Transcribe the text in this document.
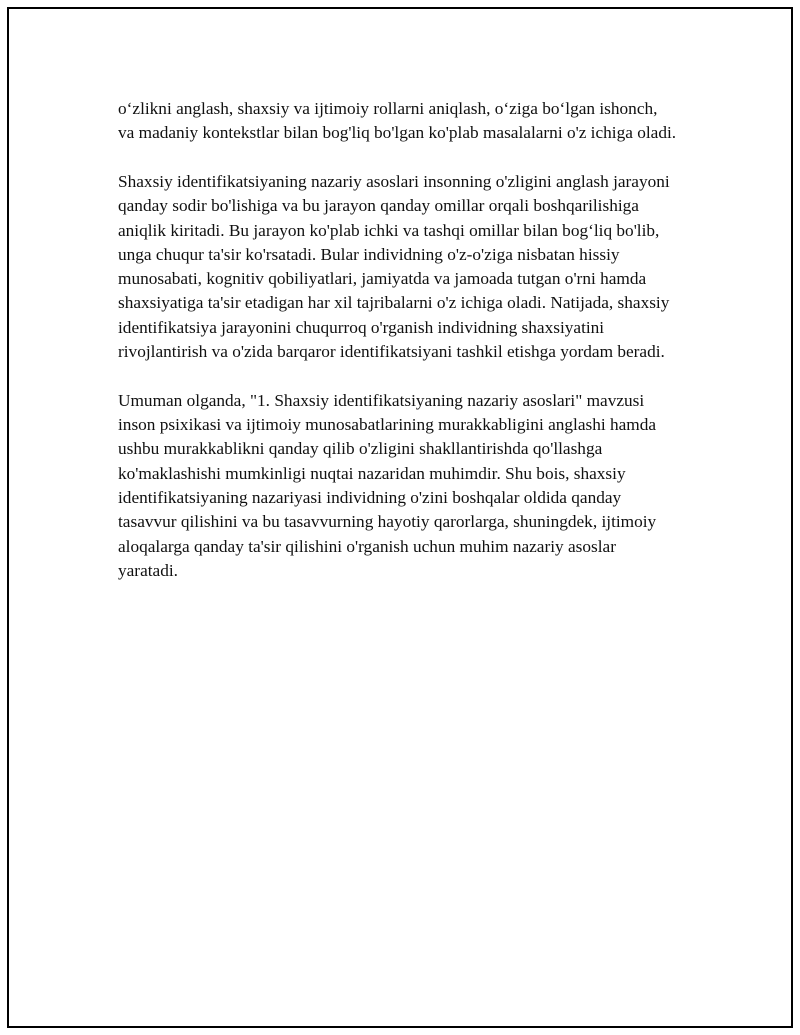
o‘zlikni anglash, shaxsiy va ijtimoiy rollarni aniqlash, o‘ziga bo‘lgan ishonch, va madaniy kontekstlar bilan bog'liq bo'lgan ko'plab masalalarni o'z ichiga oladi.

Shaxsiy identifikatsiyaning nazariy asoslari insonning o'zligini anglash jarayoni qanday sodir bo'lishiga va bu jarayon qanday omillar orqali boshqarilishiga aniqlik kiritadi. Bu jarayon ko'plab ichki va tashqi omillar bilan bog‘liq bo'lib, unga chuqur ta'sir ko'rsatadi. Bular individning o'z-o'ziga nisbatan hissiy munosabati, kognitiv qobiliyatlari, jamiyatda va jamoada tutgan o'rni hamda shaxsiyatiga ta'sir etadigan har xil tajribalarni o'z ichiga oladi. Natijada, shaxsiy identifikatsiya jarayonini chuqurroq o'rganish individning shaxsiyatini rivojlantirish va o'zida barqaror identifikatsiyani tashkil etishga yordam beradi.

Umuman olganda, "1. Shaxsiy identifikatsiyaning nazariy asoslari" mavzusi inson psixikasi va ijtimoiy munosabatlarining murakkabligini anglashi hamda ushbu murakkablikni qanday qilib o'zligini shakllantirishda qo'llashga ko'maklashishi mumkinligi nuqtai nazaridan muhimdir. Shu bois, shaxsiy identifikatsiyaning nazariyasi individning o'zini boshqalar oldida qanday tasavvur qilishini va bu tasavvurning hayotiy qarorlarga, shuningdek, ijtimoiy aloqalarga qanday ta'sir qilishini o'rganish uchun muhim nazariy asoslar yaratadi.
